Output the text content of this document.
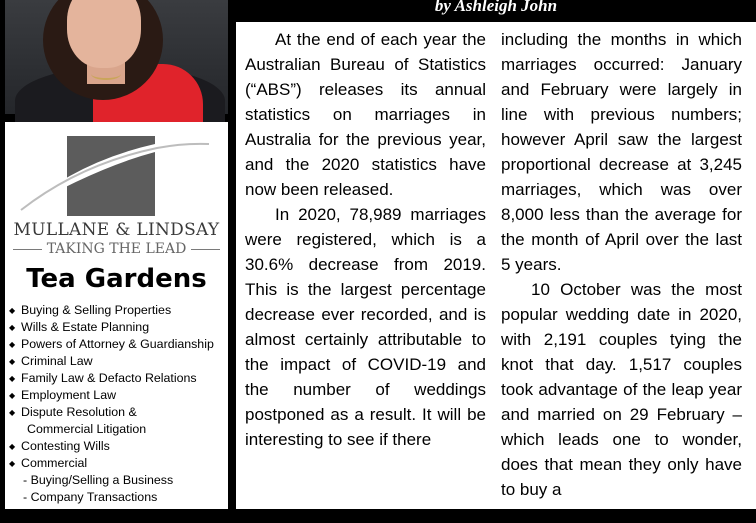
MULLANE & LINDSAY
TAKING THE LEAD
Tea Gardens
◆ Buying & Selling Properties
◆ Wills & Estate Planning
◆ Powers of Attorney & Guardianship
◆ Criminal Law
◆ Family Law & Defacto Relations
◆ Employment Law
◆ Dispute Resolution &
Commercial Litigation
◆ Contesting Wills
◆ Commercial
- Buying/Selling a Business
- Company Transactions
- Leasing
by Ashleigh John

At the end of each year the Australian Bureau of Statistics (“ABS”) releases its annual statistics on marriages in Australia for the previous year, and the 2020 statistics have now been released.

In 2020, 78,989 marriages were registered, which is a 30.6% decrease from 2019. This is the largest percentage decrease ever recorded, and is almost certainly attributable to the impact of COVID-19 and the number of weddings postponed as a result. It will be interesting to see if there

including the months in which marriages occurred: January and February were largely in line with previous numbers; however April saw the largest proportional decrease at 3,245 marriages, which was over 8,000 less than the average for the month of April over the last 5 years.

10 October was the most popular wedding date in 2020, with 2,191 couples tying the knot that day. 1,517 couples took advantage of the leap year and married on 29 February – which leads one to wonder, does that mean they only have to buy a
